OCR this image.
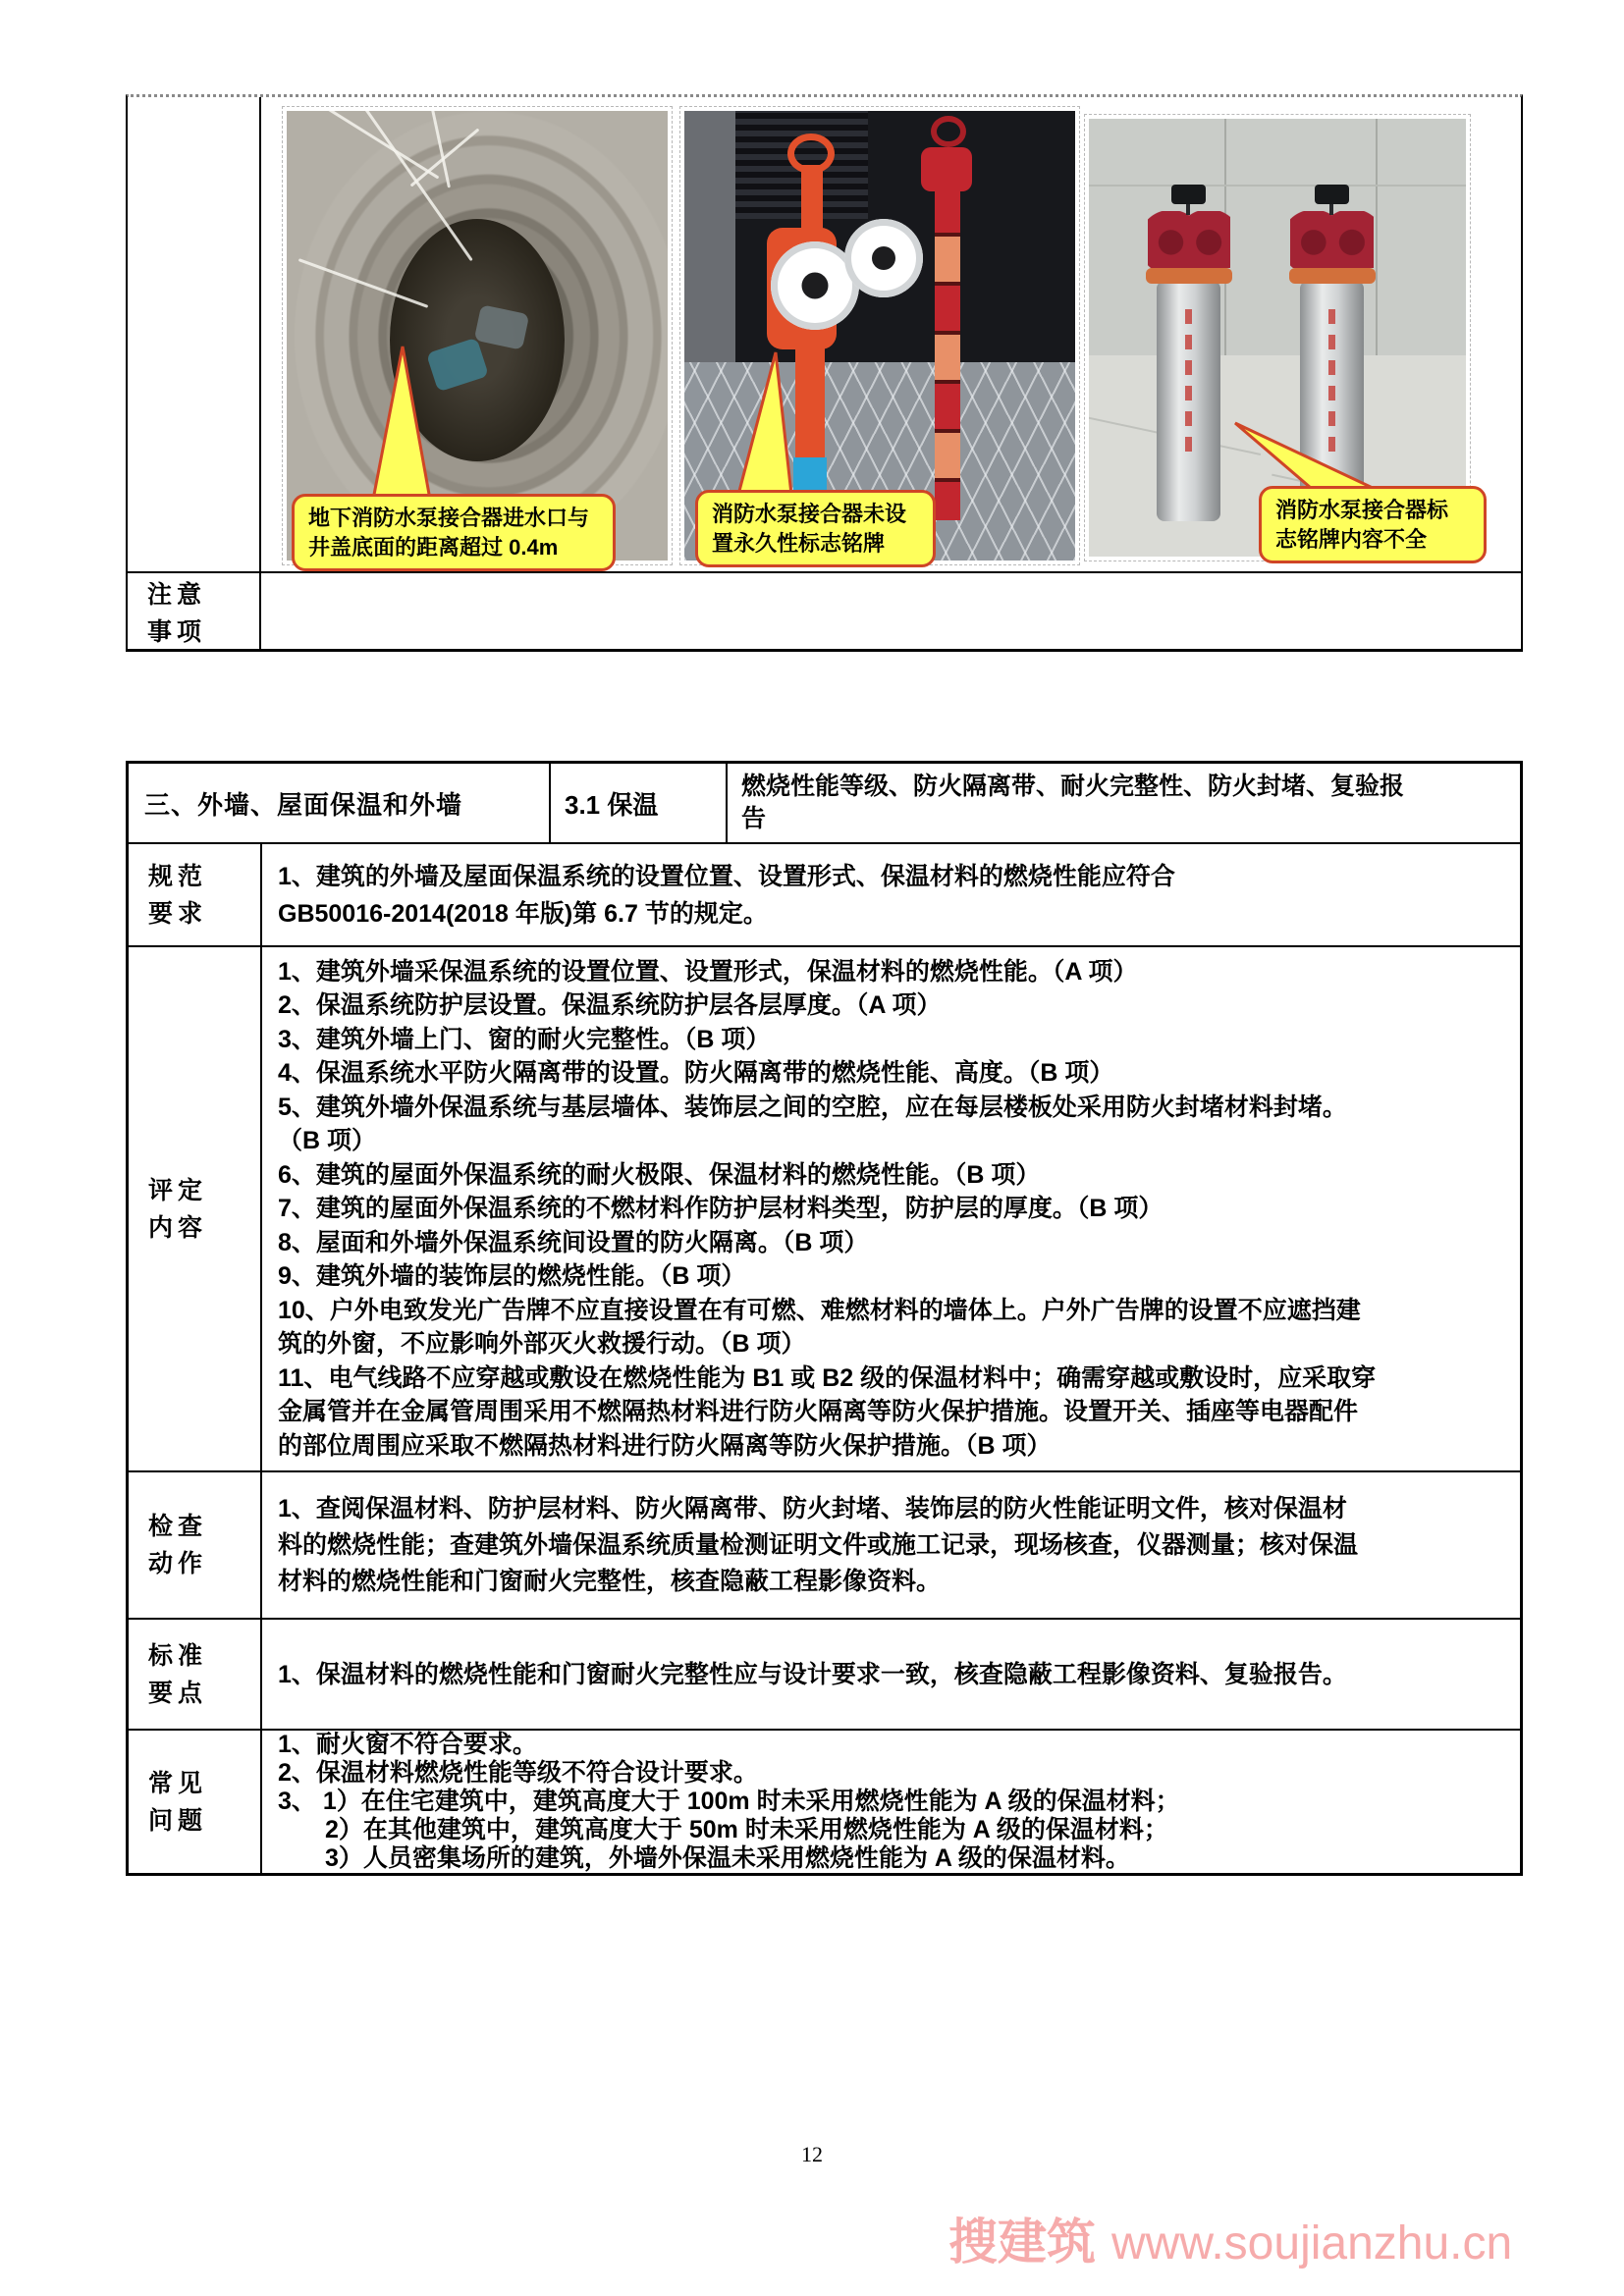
地下消防水泵接合器进水口与
井盖底面的距离超过 0.4m
消防水泵接合器未设
置永久性标志铭牌
消防水泵接合器标
志铭牌内容不全
注意
事项
三、外墙、屋面保温和外墙	3.1 保温
燃烧性能等级、防火隔离带、耐火完整性、防火封堵、复验报
告
规范
要求
1、建筑的外墙及屋面保温系统的设置位置、设置形式、保温材料的燃烧性能应符合
GB50016-2014(2018 年版)第 6.7 节的规定。
评定
内容
1、建筑外墙采保温系统的设置位置、设置形式，保温材料的燃烧性能。（A 项）
2、保温系统防护层设置。保温系统防护层各层厚度。（A 项）
3、建筑外墙上门、窗的耐火完整性。（B 项）
4、保温系统水平防火隔离带的设置。防火隔离带的燃烧性能、高度。（B 项）
5、建筑外墙外保温系统与基层墙体、装饰层之间的空腔，应在每层楼板处采用防火封堵材料封堵。
（B 项）
6、建筑的屋面外保温系统的耐火极限、保温材料的燃烧性能。（B 项）
7、建筑的屋面外保温系统的不燃材料作防护层材料类型，防护层的厚度。（B 项）
8、屋面和外墙外保温系统间设置的防火隔离。（B 项）
9、建筑外墙的装饰层的燃烧性能。（B 项）
10、户外电致发光广告牌不应直接设置在有可燃、难燃材料的墙体上。户外广告牌的设置不应遮挡建
筑的外窗，不应影响外部灭火救援行动。（B 项）
11、电气线路不应穿越或敷设在燃烧性能为 B1 或 B2 级的保温材料中；确需穿越或敷设时，应采取穿
金属管并在金属管周围采用不燃隔热材料进行防火隔离等防火保护措施。设置开关、插座等电器配件
的部位周围应采取不燃隔热材料进行防火隔离等防火保护措施。（B 项）
检查
动作
1、查阅保温材料、防护层材料、防火隔离带、防火封堵、装饰层的防火性能证明文件，核对保温材
料的燃烧性能；查建筑外墙保温系统质量检测证明文件或施工记录，现场核查，仪器测量；核对保温
材料的燃烧性能和门窗耐火完整性，核查隐蔽工程影像资料。
标准
要点
1、保温材料的燃烧性能和门窗耐火完整性应与设计要求一致，核查隐蔽工程影像资料、复验报告。
常见
问题
1、耐火窗不符合要求。
2、保温材料燃烧性能等级不符合设计要求。
3、 1）在住宅建筑中，建筑高度大于 100m 时未采用燃烧性能为 A 级的保温材料；
2）在其他建筑中，建筑高度大于 50m 时未采用燃烧性能为 A 级的保温材料；
3）人员密集场所的建筑，外墙外保温未采用燃烧性能为 A 级的保温材料。
12
搜建筑 www.soujianzhu.cn
